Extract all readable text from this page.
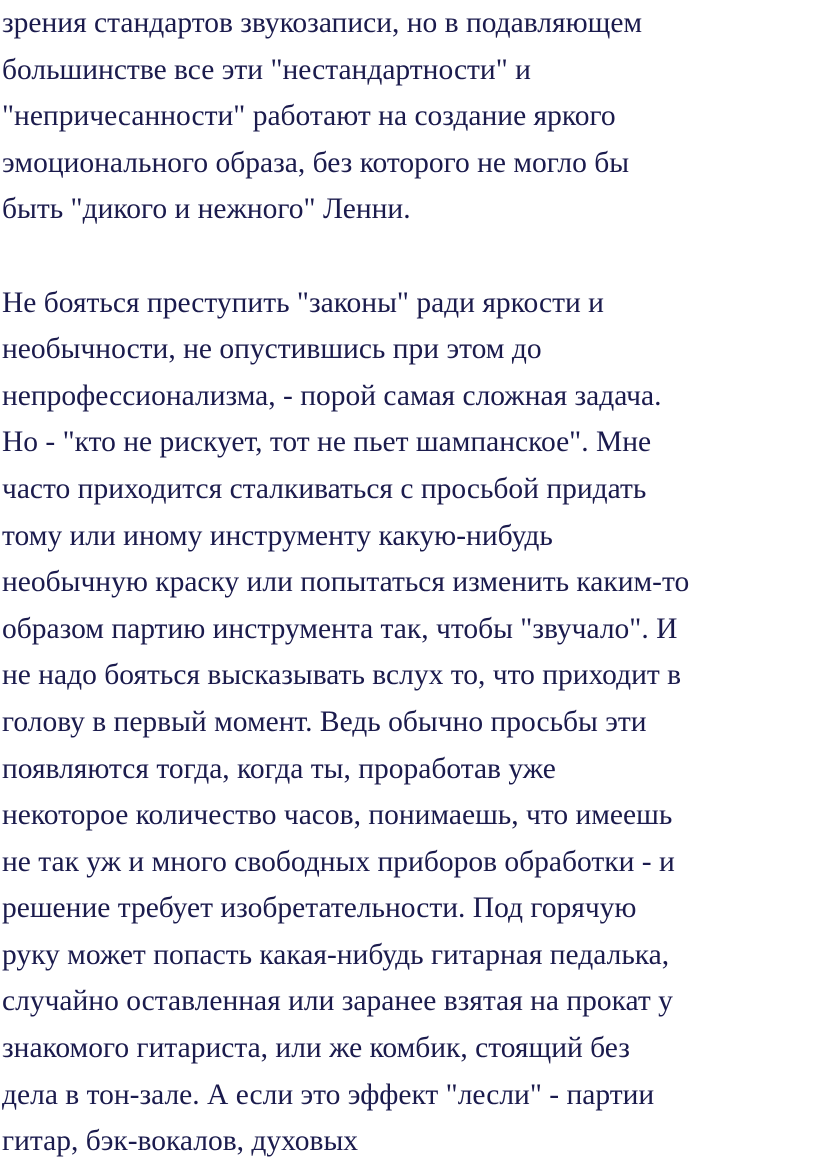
зрения стандартов звукозаписи, но в подавляющем
большинстве все эти "нестандартности" и
"непричесанности" работают на создание яркого
эмоционального образа, без которого не могло бы
быть "дикого и нежного" Ленни.
Не бояться преступить "законы" ради яркости и
необычности, не опустившись при этом до
непрофессионализма, - порой самая сложная задача.
Но - "кто не рискует, тот не пьет шампанское". Мне
часто приходится сталкиваться с просьбой придать
тому или иному инструменту какую-нибудь
необычную краску или попытаться изменить каким-то
образом партию инструмента так, чтобы "звучало". И
не надо бояться высказывать вслух то, что приходит в
голову в первый момент. Ведь обычно просьбы эти
появляются тогда, когда ты, проработав уже
некоторое количество часов, понимаешь, что имеешь
не так уж и много свободных приборов обработки - и
решение требует изобретательности. Под горячую
руку может попасть какая-нибудь гитарная педалька,
случайно оставленная или заранее взятая на прокат у
знакомого гитариста, или же комбик, стоящий без
дела в тон-зале. А если это эффект "лесли" - партии
гитар, бэк-вокалов, духовых
